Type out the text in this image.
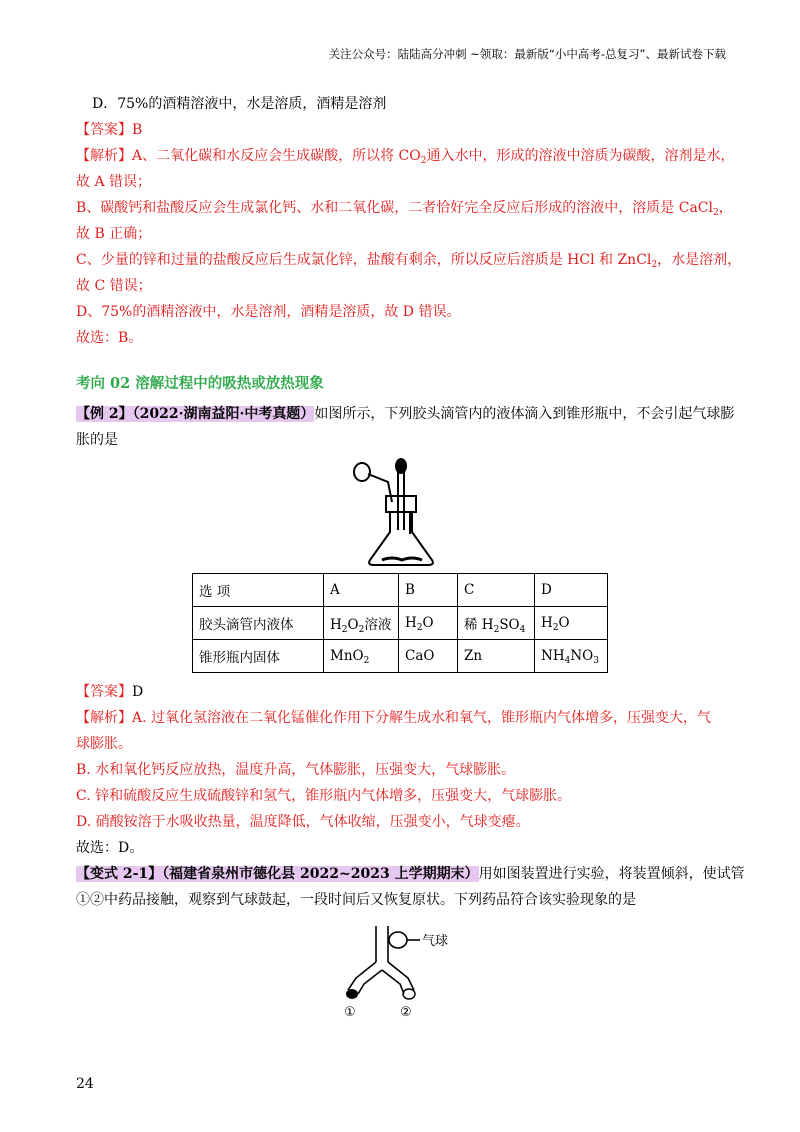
关注公众号：陆陆高分冲刺 ~领取：最新版“小中高考-总复习”、最新试卷下载
D．75%的酒精溶液中，水是溶质，酒精是溶剂
【答案】B
【解析】A、二氧化碳和水反应会生成碳酸，所以将 $CO_2$通入水中，形成的溶液中溶质为碳酸，溶剂是水，
故 A 错误；
B、碳酸钙和盐酸反应会生成氯化钙、水和二氧化碳，二者恰好完全反应后形成的溶液中，溶质是 CaCl$_2$，
故 B 正确；
C、少量的锌和过量的盐酸反应后生成氯化锌，盐酸有剩余，所以反应后溶质是 HCl 和 ZnCl$_2$，水是溶剂，
故 C 错误；
D、75%的酒精溶液中，水是溶剂，酒精是溶质，故 D 错误。
故选：B。
考向 02 溶解过程中的吸热或放热现象
【例 2】（2022·湖南益阳·中考真题）如图所示，下列胶头滴管内的液体滴入到锥形瓶中，不会引起气球膨
胀的是
选 项	A	B	C	D
胶头滴管内液体	$H_2O_2$溶液	$H_2O$	稀 $H_2SO_4$	$H_2O$
锥形瓶内固体	MnO$_2$	CaO	Zn	$NH_4NO_3$
【答案】D
【解析】A. 过氧化氢溶液在二氧化锰催化作用下分解生成水和氧气，锥形瓶内气体增多，压强变大，气
球膨胀。
B. 水和氧化钙反应放热，温度升高，气体膨胀，压强变大，气球膨胀。
C. 锌和硫酸反应生成硫酸锌和氢气，锥形瓶内气体增多，压强变大，气球膨胀。
D. 硝酸铵溶于水吸收热量，温度降低，气体收缩，压强变小，气球变瘪。
故选：D。
【变式 2-1】（福建省泉州市德化县 2022~2023 上学期期末）用如图装置进行实验，将装置倾斜，使试管
①②中药品接触，观察到气球鼓起，一段时间后又恢复原状。下列药品符合该实验现象的是
气球
①	②
24
